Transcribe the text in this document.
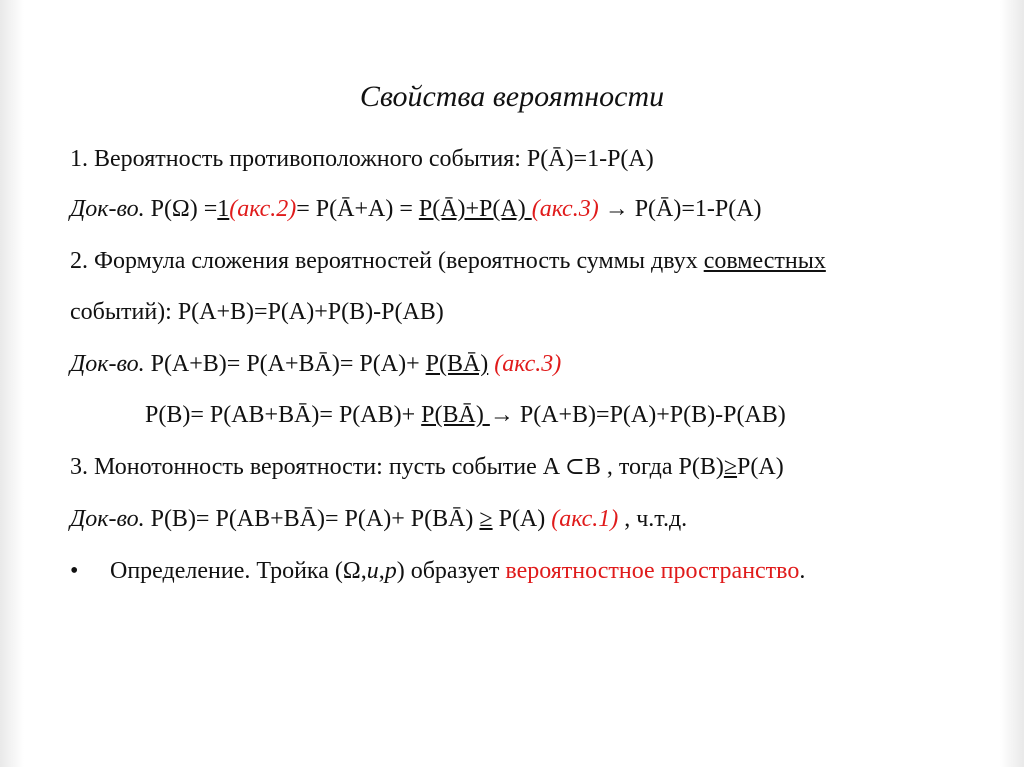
Свойства вероятности
1. Вероятность противоположного события: P(Ā)=1-P(A)
Док-во. P(Ω) =1(акс.2)= P(Ā+A) = P(Ā)+P(A) (акс.3) → P(Ā)=1-P(A)
2. Формула сложения вероятностей (вероятность суммы двух совместных
событий): P(A+B)=P(A)+P(B)-P(AB)
Док-во. P(A+B)= P(A+BĀ)= P(A)+ P(BĀ) (акс.3)
P(B)= P(AB+BĀ)= P(AB)+ P(BĀ) → P(A+B)=P(A)+P(B)-P(AB)
3. Монотонность вероятности: пусть событие A ⊂B , тогда P(B)≥P(A)
Док-во. P(B)= P(AB+BĀ)= P(A)+ P(BĀ) ≥ P(A) (акс.1) , ч.т.д.
• Определение. Тройка (Ω,и,p) образует вероятностное пространство.
